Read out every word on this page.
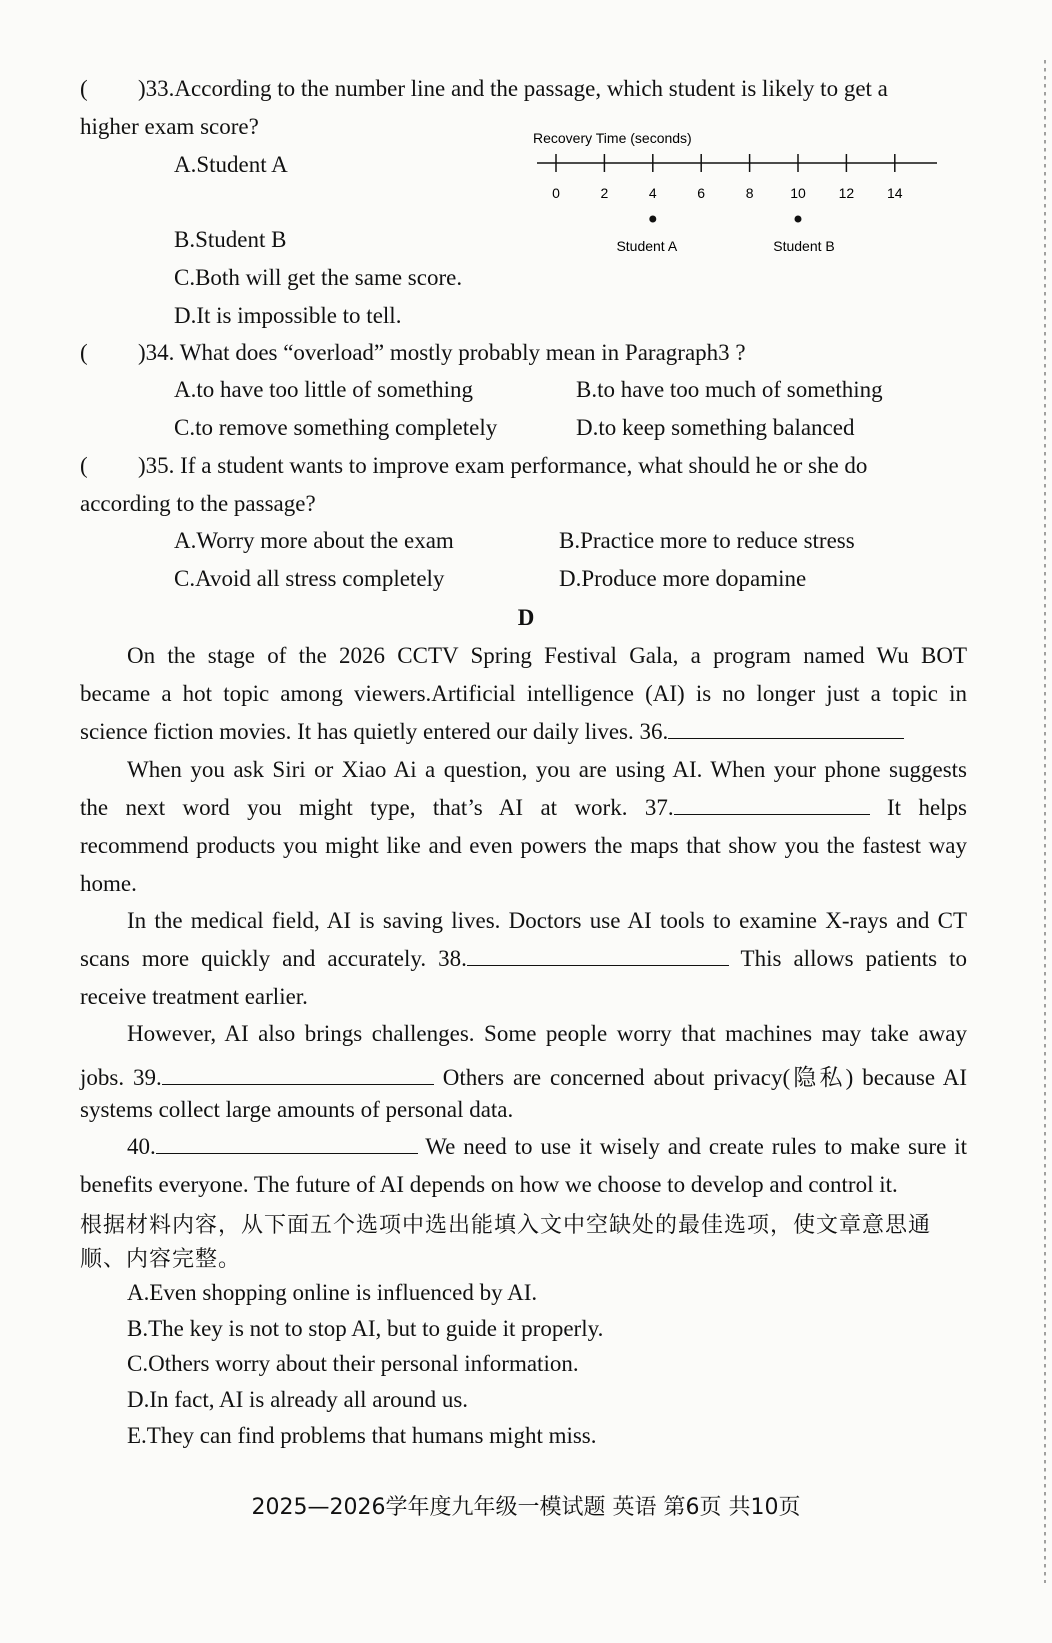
( )33.According to the number line and the passage, which student is likely to get a
higher exam score?
A.Student A
B.Student B
C.Both will get the same score.
D.It is impossible to tell.
Recovery Time (seconds)
0	2	4	6	8	10 12 14
Student A	Student B
( )34. What does “overload” mostly probably mean in Paragraph3 ?
A.to have too little of something	B.to have too much of something
C.to remove something completely	D.to keep something balanced
( )35. If a student wants to improve exam performance, what should he or she do
according to the passage?
A.Worry more about the exam	B.Practice more to reduce stress
C.Avoid all stress completely	D.Produce more dopamine
D
On the stage of the 2026 CCTV Spring Festival Gala, a program named Wu BOT
became a hot topic among viewers.Artificial intelligence (AI) is no longer just a topic in
science fiction movies. It has quietly entered our daily lives. 36.
When you ask Siri or Xiao Ai a question, you are using AI. When your phone suggests
the next word you might type, that’s AI at work. 37.	It helps
recommend products you might like and even powers the maps that show you the fastest way
home.
In the medical field, AI is saving lives. Doctors use AI tools to examine X-rays and CT
scans more quickly and accurately. 38.	This allows patients to
receive treatment earlier.
However, AI also brings challenges. Some people worry that machines may take away
jobs. 39.	Others are concerned about privacy(隐私) because AI
systems collect large amounts of personal data.
40.	We need to use it wisely and create rules to make sure it
benefits everyone. The future of AI depends on how we choose to develop and control it.
根据材料内容，从下面五个选项中选出能填入文中空缺处的最佳选项，使文章意思通
顺、内容完整。
A.Even shopping online is influenced by AI.
B.The key is not to stop AI, but to guide it properly.
C.Others worry about their personal information.
D.In fact, AI is already all around us.
E.They can find problems that humans might miss.
2025—2026学年度九年级一模试题 英语 第6页 共10页
